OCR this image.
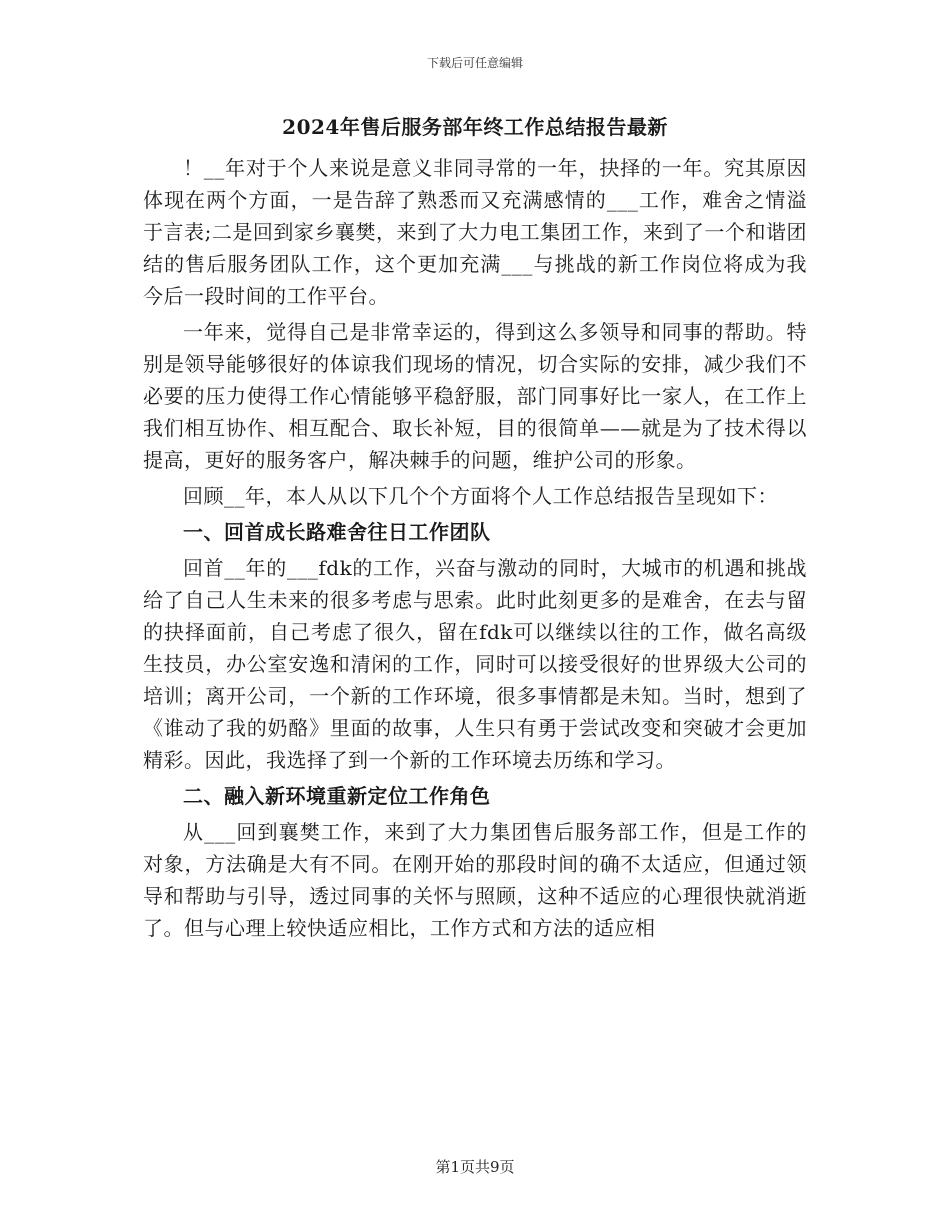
下载后可任意编辑
2024年售后服务部年终工作总结报告最新

！__年对于个人来说是意义非同寻常的一年，抉择的一年。究其原因体现在两个方面，一是告辞了熟悉而又充满感情的___工作，难舍之情溢于言表;二是回到家乡襄樊，来到了大力电工集团工作，来到了一个和谐团结的售后服务团队工作，这个更加充满___与挑战的新工作岗位将成为我今后一段时间的工作平台。

一年来，觉得自己是非常幸运的，得到这么多领导和同事的帮助。特别是领导能够很好的体谅我们现场的情况，切合实际的安排，减少我们不必要的压力使得工作心情能够平稳舒服，部门同事好比一家人，在工作上我们相互协作、相互配合、取长补短，目的很简单——就是为了技术得以提高，更好的服务客户，解决棘手的问题，维护公司的形象。

回顾__年，本人从以下几个个方面将个人工作总结报告呈现如下：

一、回首成长路难舍往日工作团队

回首__年的___fdk的工作，兴奋与激动的同时，大城市的机遇和挑战给了自己人生未来的很多考虑与思索。此时此刻更多的是难舍，在去与留的抉择面前，自己考虑了很久，留在fdk可以继续以往的工作，做名高级生技员，办公室安逸和清闲的工作，同时可以接受很好的世界级大公司的培训；离开公司，一个新的工作环境，很多事情都是未知。当时，想到了《谁动了我的奶酪》里面的故事，人生只有勇于尝试改变和突破才会更加精彩。因此，我选择了到一个新的工作环境去历练和学习。

二、融入新环境重新定位工作角色

从___回到襄樊工作，来到了大力集团售后服务部工作，但是工作的对象，方法确是大有不同。在刚开始的那段时间的确不太适应，但通过领导和帮助与引导，透过同事的关怀与照顾，这种不适应的心理很快就消逝了。但与心理上较快适应相比，工作方式和方法的适应相

第1页共9页
